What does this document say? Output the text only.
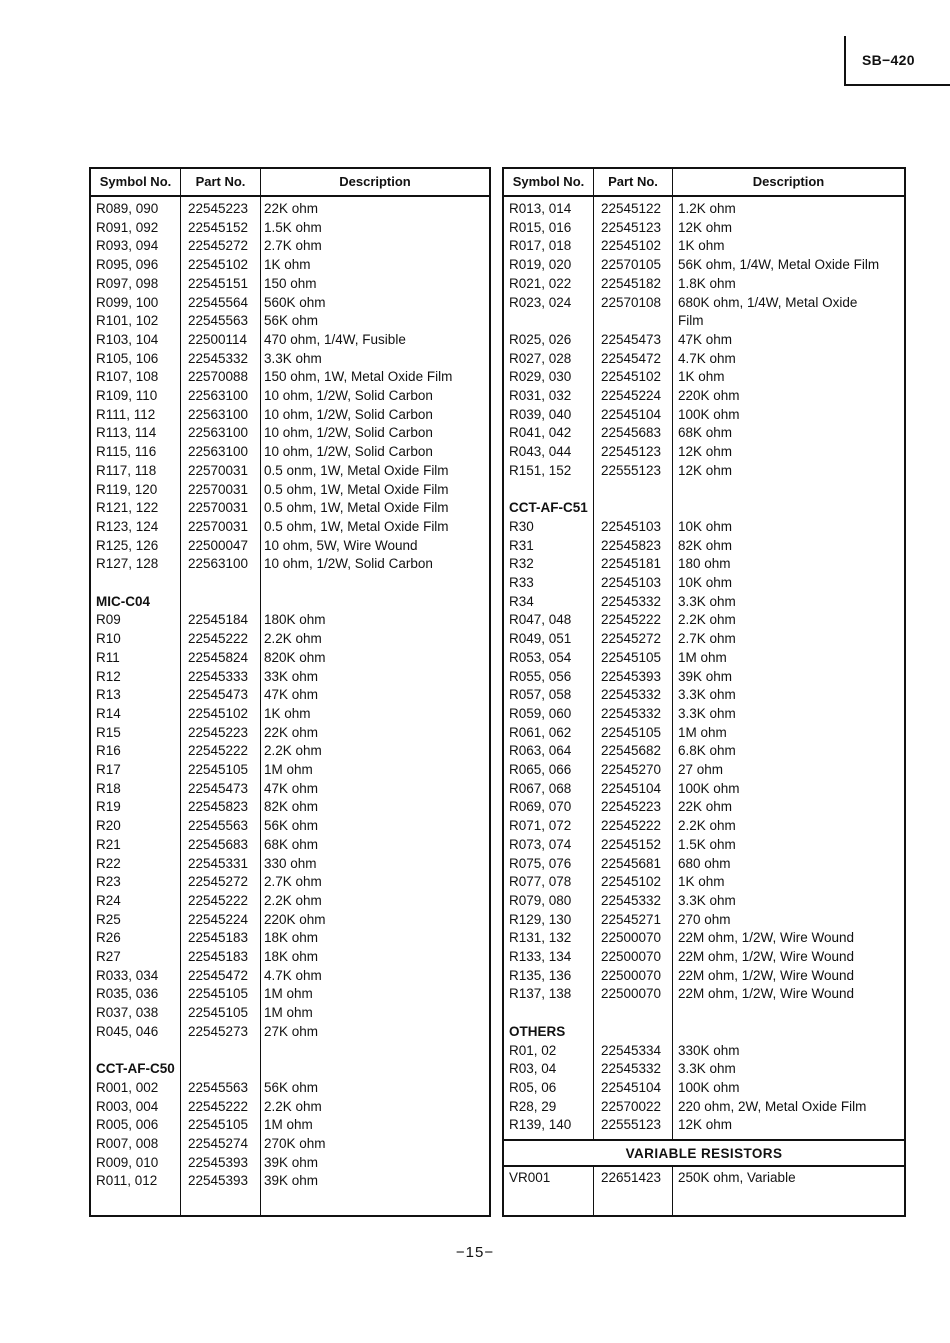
SB−420
Symbol No.	Part No.	Description
R089, 090 22545223 22K ohm
R091, 092 22545152 1.5K ohm
R093, 094 22545272 2.7K ohm
R095, 096 22545102 1K ohm
R097, 098 22545151 150 ohm
R099, 100 22545564 560K ohm
R101, 102 22545563 56K ohm
R103, 104 22500114 470 ohm, 1/4W, Fusible
R105, 106 22545332 3.3K ohm
R107, 108 22570088 150 ohm, 1W, Metal Oxide Film
R109, 110 22563100 10 ohm, 1/2W, Solid Carbon
R111, 112 22563100 10 ohm, 1/2W, Solid Carbon
R113, 114 22563100 10 ohm, 1/2W, Solid Carbon
R115, 116 22563100 10 ohm, 1/2W, Solid Carbon
R117, 118 22570031 0.5 onm, 1W, Metal Oxide Film
R119, 120 22570031 0.5 ohm, 1W, Metal Oxide Film
R121, 122 22570031 0.5 ohm, 1W, Metal Oxide Film
R123, 124 22570031 0.5 ohm, 1W, Metal Oxide Film
R125, 126 22500047 10 ohm, 5W, Wire Wound
R127, 128 22563100 10 ohm, 1/2W, Solid Carbon
MIC-C04
R09	22545184 180K ohm
R10	22545222 2.2K ohm
R11	22545824 820K ohm
R12	22545333 33K ohm
R13	22545473 47K ohm
R14	22545102 1K ohm
R15	22545223 22K ohm
R16	22545222 2.2K ohm
R17	22545105 1M ohm
R18	22545473 47K ohm
R19	22545823 82K ohm
R20	22545563 56K ohm
R21	22545683 68K ohm
R22	22545331 330 ohm
R23	22545272 2.7K ohm
R24	22545222 2.2K ohm
R25	22545224 220K ohm
R26	22545183 18K ohm
R27	22545183 18K ohm
R033, 034 22545472 4.7K ohm
R035, 036 22545105 1M ohm
R037, 038 22545105 1M ohm
R045, 046 22545273 27K ohm
CCT-AF-C50
R001, 002 22545563 56K ohm
R003, 004 22545222 2.2K ohm
R005, 006 22545105 1M ohm
R007, 008 22545274 270K ohm
R009, 010 22545393 39K ohm
R011, 012 22545393 39K ohm
Symbol No.	Part No.	Description
R013, 014 22545122 1.2K ohm
R015, 016 22545123 12K ohm
R017, 018 22545102 1K ohm
R019, 020 22570105 56K ohm, 1/4W, Metal Oxide Film
R021, 022 22545182 1.8K ohm
R023, 024 22570108 680K ohm, 1/4W, Metal Oxide
Film
R025, 026 22545473 47K ohm
R027, 028 22545472 4.7K ohm
R029, 030 22545102 1K ohm
R031, 032 22545224 220K ohm
R039, 040 22545104 100K ohm
R041, 042 22545683 68K ohm
R043, 044 22545123 12K ohm
R151, 152 22555123 12K ohm
CCT-AF-C51
R30	22545103 10K ohm
R31	22545823 82K ohm
R32	22545181 180 ohm
R33	22545103 10K ohm
R34	22545332 3.3K ohm
R047, 048 22545222 2.2K ohm
R049, 051 22545272 2.7K ohm
R053, 054 22545105 1M ohm
R055, 056 22545393 39K ohm
R057, 058 22545332 3.3K ohm
R059, 060 22545332 3.3K ohm
R061, 062 22545105 1M ohm
R063, 064 22545682 6.8K ohm
R065, 066 22545270 27 ohm
R067, 068 22545104 100K ohm
R069, 070 22545223 22K ohm
R071, 072 22545222 2.2K ohm
R073, 074 22545152 1.5K ohm
R075, 076 22545681 680 ohm
R077, 078 22545102 1K ohm
R079, 080 22545332 3.3K ohm
R129, 130 22545271 270 ohm
R131, 132 22500070 22M ohm, 1/2W, Wire Wound
R133, 134 22500070 22M ohm, 1/2W, Wire Wound
R135, 136 22500070 22M ohm, 1/2W, Wire Wound
R137, 138 22500070 22M ohm, 1/2W, Wire Wound
OTHERS
R01, 02	22545334 330K ohm
R03, 04	22545332 3.3K ohm
R05, 06	22545104 100K ohm
R28, 29	22570022 220 ohm, 2W, Metal Oxide Film
R139, 140 22555123 12K ohm
VARIABLE RESISTORS
VR001	22651423 250K ohm, Variable
−15−
